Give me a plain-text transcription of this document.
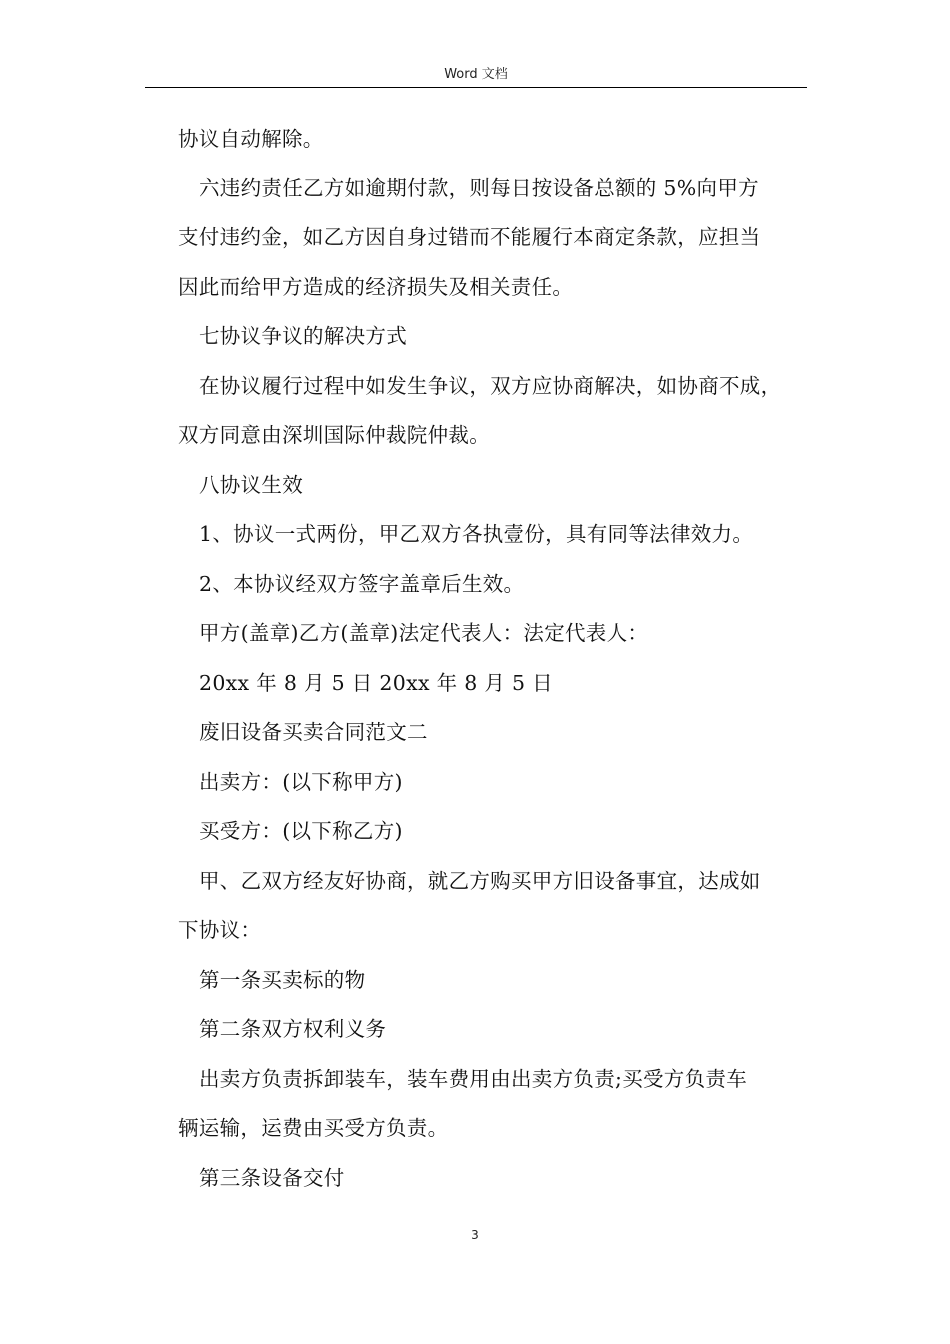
Word 文档
协议自动解除。
六违约责任乙方如逾期付款，则每日按设备总额的 5%向甲方
支付违约金，如乙方因自身过错而不能履行本商定条款，应担当
因此而给甲方造成的经济损失及相关责任。
七协议争议的解决方式
在协议履行过程中如发生争议，双方应协商解决，如协商不成，
双方同意由深圳国际仲裁院仲裁。
八协议生效
1、协议一式两份，甲乙双方各执壹份，具有同等法律效力。
2、本协议经双方签字盖章后生效。
甲方(盖章)乙方(盖章)法定代表人：法定代表人：
20xx 年 8 月 5 日 20xx 年 8 月 5 日
废旧设备买卖合同范文二
出卖方：(以下称甲方)
买受方：(以下称乙方)
甲、乙双方经友好协商，就乙方购买甲方旧设备事宜，达成如
下协议：
第一条买卖标的物
第二条双方权利义务
出卖方负责拆卸装车，装车费用由出卖方负责;买受方负责车
辆运输，运费由买受方负责。
第三条设备交付
3
